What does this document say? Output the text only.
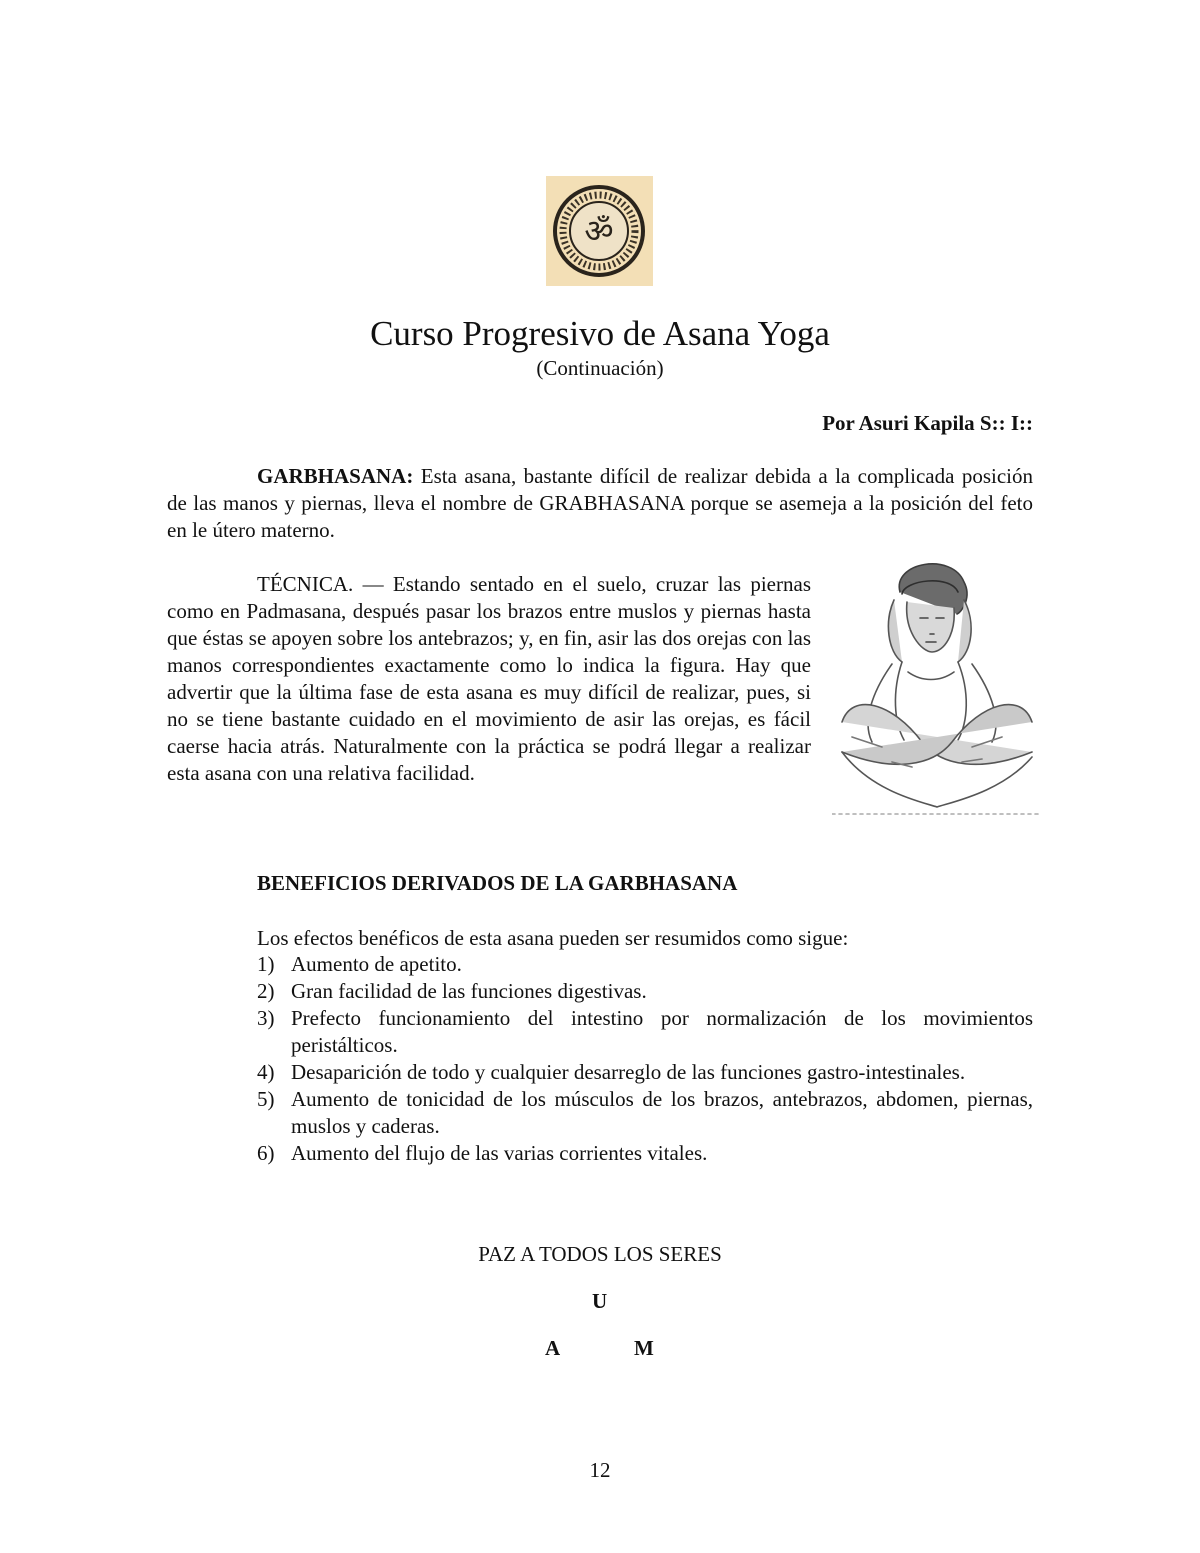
ॐ
Curso Progresivo de Asana Yoga
(Continuación)
Por Asuri Kapila S:: I::

GARBHASANA: Esta asana, bastante difícil de realizar debida a la complicada posición de las manos y piernas, lleva el nombre de GRABHASANA porque se asemeja a la posición del feto en le útero materno.

TÉCNICA. — Estando sentado en el suelo, cruzar las piernas como en Padmasana, después pasar los brazos entre muslos y piernas hasta que éstas se apoyen sobre los antebrazos; y, en fin, asir las dos orejas con las manos correspondientes exactamente como lo indica la figura. Hay que advertir que la última fase de esta asana es muy difícil de realizar, pues, si no se tiene bastante cuidado en el movimiento de asir las orejas, es fácil caerse hacia atrás. Naturalmente con la práctica se podrá llegar a realizar esta asana con una relativa facilidad.

BENEFICIOS DERIVADOS DE LA GARBHASANA
Los efectos benéficos de esta asana pueden ser resumidos como sigue:
1) Aumento de apetito.
2) Gran facilidad de las funciones digestivas.
3) Prefecto funcionamiento del intestino por normalización de los movimientos peristálticos.
4) Desaparición de todo y cualquier desarreglo de las funciones gastro-intestinales.
5) Aumento de tonicidad de los músculos de los brazos, antebrazos, abdomen, piernas, muslos y caderas.
6) Aumento del flujo de las varias corrientes vitales.
PAZ A TODOS LOS SERES
U
A	M
12
